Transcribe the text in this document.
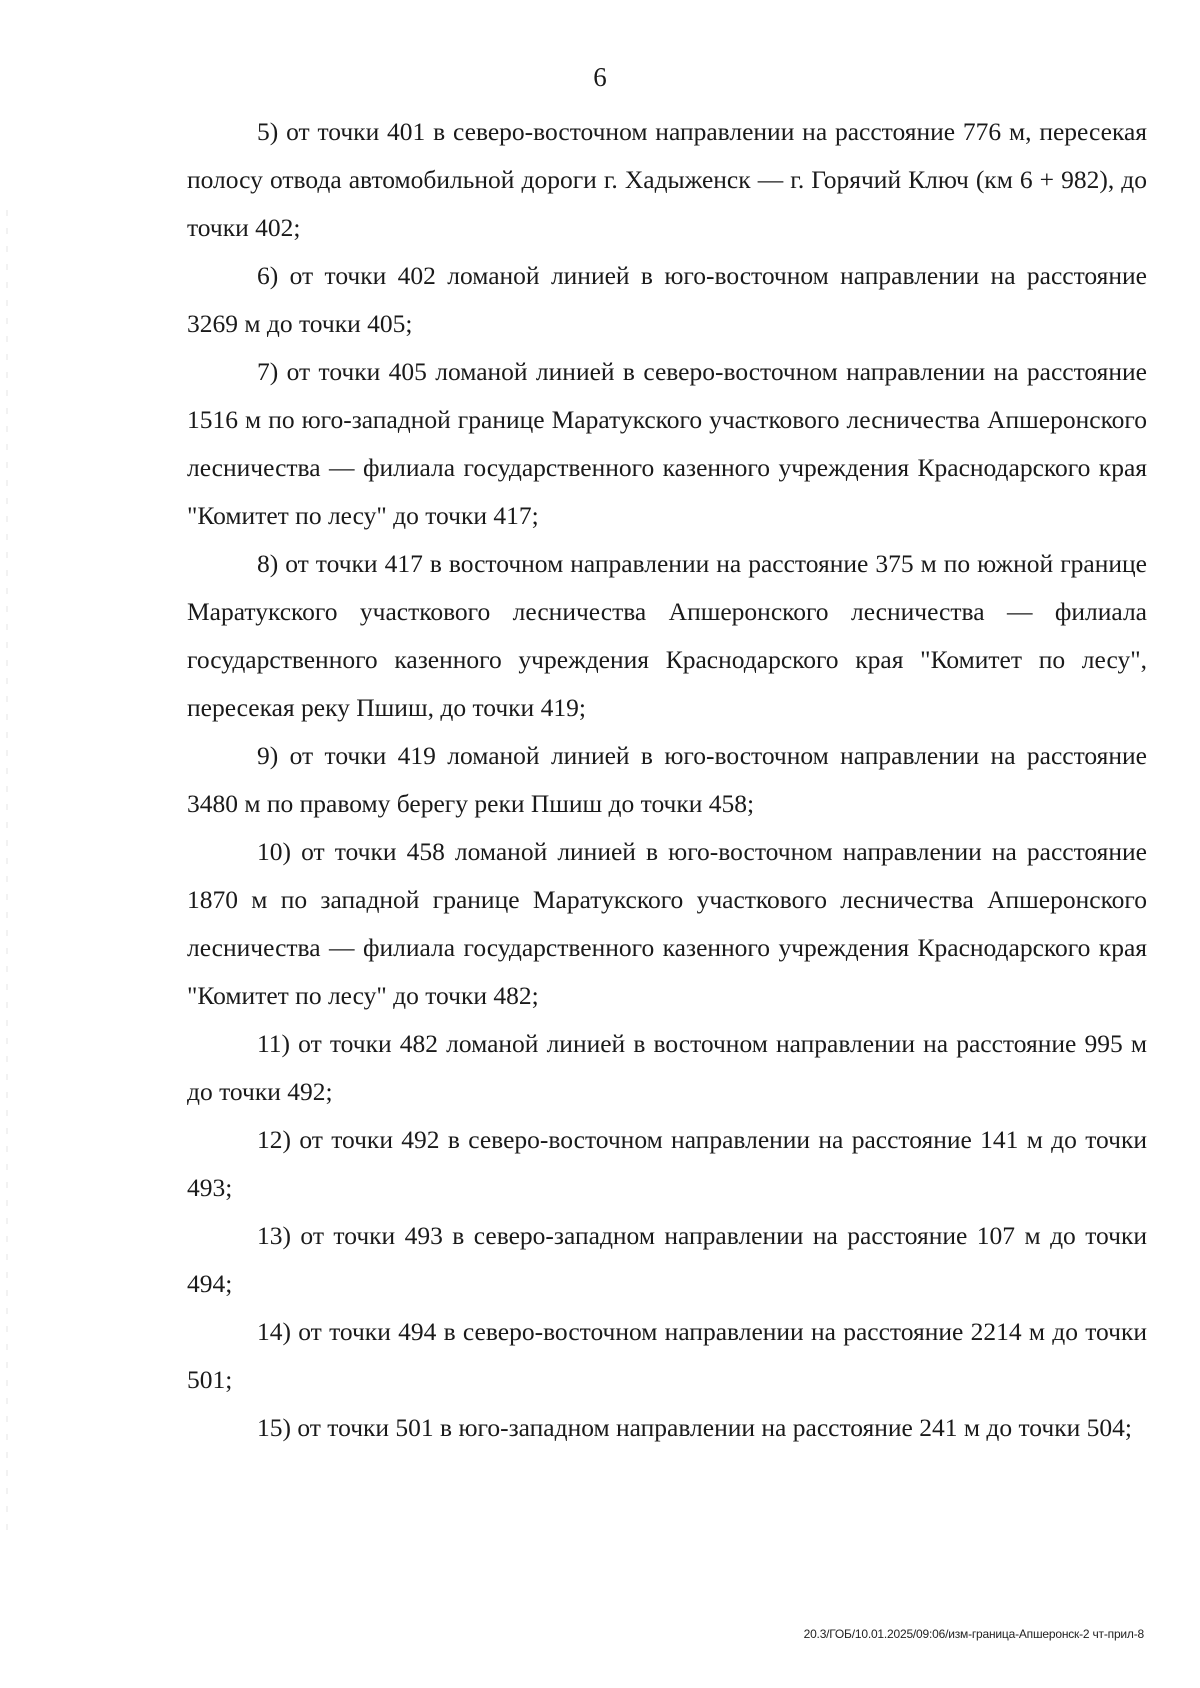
6

5) от точки 401 в северо-восточном направлении на расстояние 776 м, пересекая полосу отвода автомобильной дороги г. Хадыженск — г. Горячий Ключ (км 6 + 982), до точки 402;

6) от точки 402 ломаной линией в юго-восточном направлении на расстояние 3269 м до точки 405;

7) от точки 405 ломаной линией в северо-восточном направлении на расстояние 1516 м по юго-западной границе Маратукского участкового лесничества Апшеронского лесничества — филиала государственного казенного учреждения Краснодарского края "Комитет по лесу" до точки 417;

8) от точки 417 в восточном направлении на расстояние 375 м по южной границе Маратукского участкового лесничества Апшеронского лесничества — филиала государственного казенного учреждения Краснодарского края "Комитет по лесу", пересекая реку Пшиш, до точки 419;

9) от точки 419 ломаной линией в юго-восточном направлении на расстояние 3480 м по правому берегу реки Пшиш до точки 458;

10) от точки 458 ломаной линией в юго-восточном направлении на расстояние 1870 м по западной границе Маратукского участкового лесничества Апшеронского лесничества — филиала государственного казенного учреждения Краснодарского края "Комитет по лесу" до точки 482;

11) от точки 482 ломаной линией в восточном направлении на расстояние 995 м до точки 492;

12) от точки 492 в северо-восточном направлении на расстояние 141 м до точки 493;

13) от точки 493 в северо-западном направлении на расстояние 107 м до точки 494;

14) от точки 494 в северо-восточном направлении на расстояние 2214 м до точки 501;

15) от точки 501 в юго-западном направлении на расстояние 241 м до точки 504;

20.3/ГОБ/10.01.2025/09:06/изм-граница-Апшеронск-2 чт-прил-8
